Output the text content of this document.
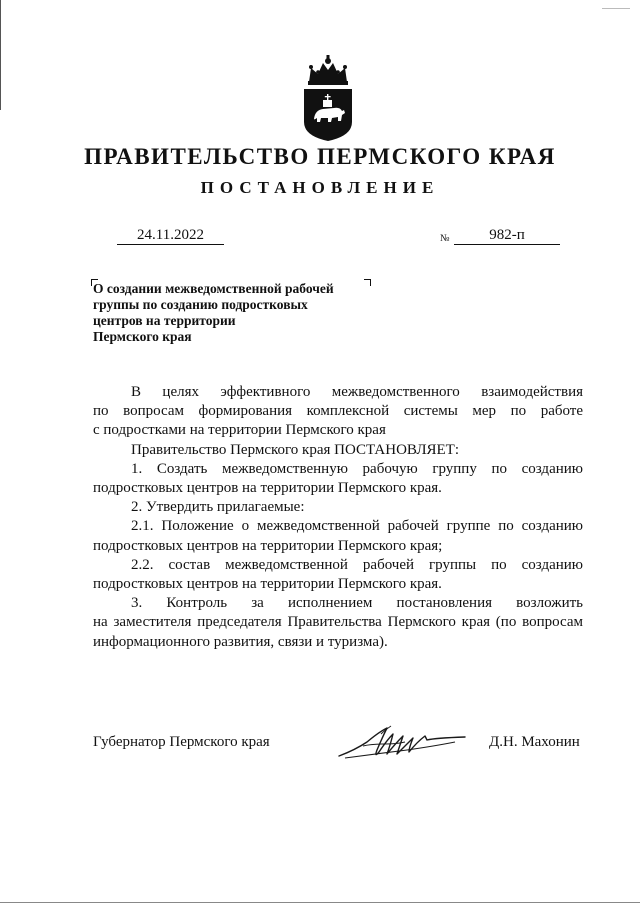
ПРАВИТЕЛЬСТВО ПЕРМСКОГО КРАЯ
ПОСТАНОВЛЕНИЕ
24.11.2022	№	982-п
О создании межведомственной рабочей
группы по созданию подростковых
центров на территории
Пермского края

В целях эффективного межведомственного взаимодействия

по вопросам формирования комплексной системы мер по работе

с подростками на территории Пермского края

Правительство Пермского края ПОСТАНОВЛЯЕТ:

1. Создать межведомственную рабочую группу по созданию

подростковых центров на территории Пермского края.

2. Утвердить прилагаемые:

2.1. Положение о межведомственной рабочей группе по созданию

подростковых центров на территории Пермского края;

2.2. состав межведомственной рабочей группы по созданию

подростковых центров на территории Пермского края.

3. Контроль за исполнением постановления возложить

на заместителя председателя Правительства Пермского края (по вопросам

информационного развития, связи и туризма).

Губернатор Пермского края	Д.Н. Махонин
